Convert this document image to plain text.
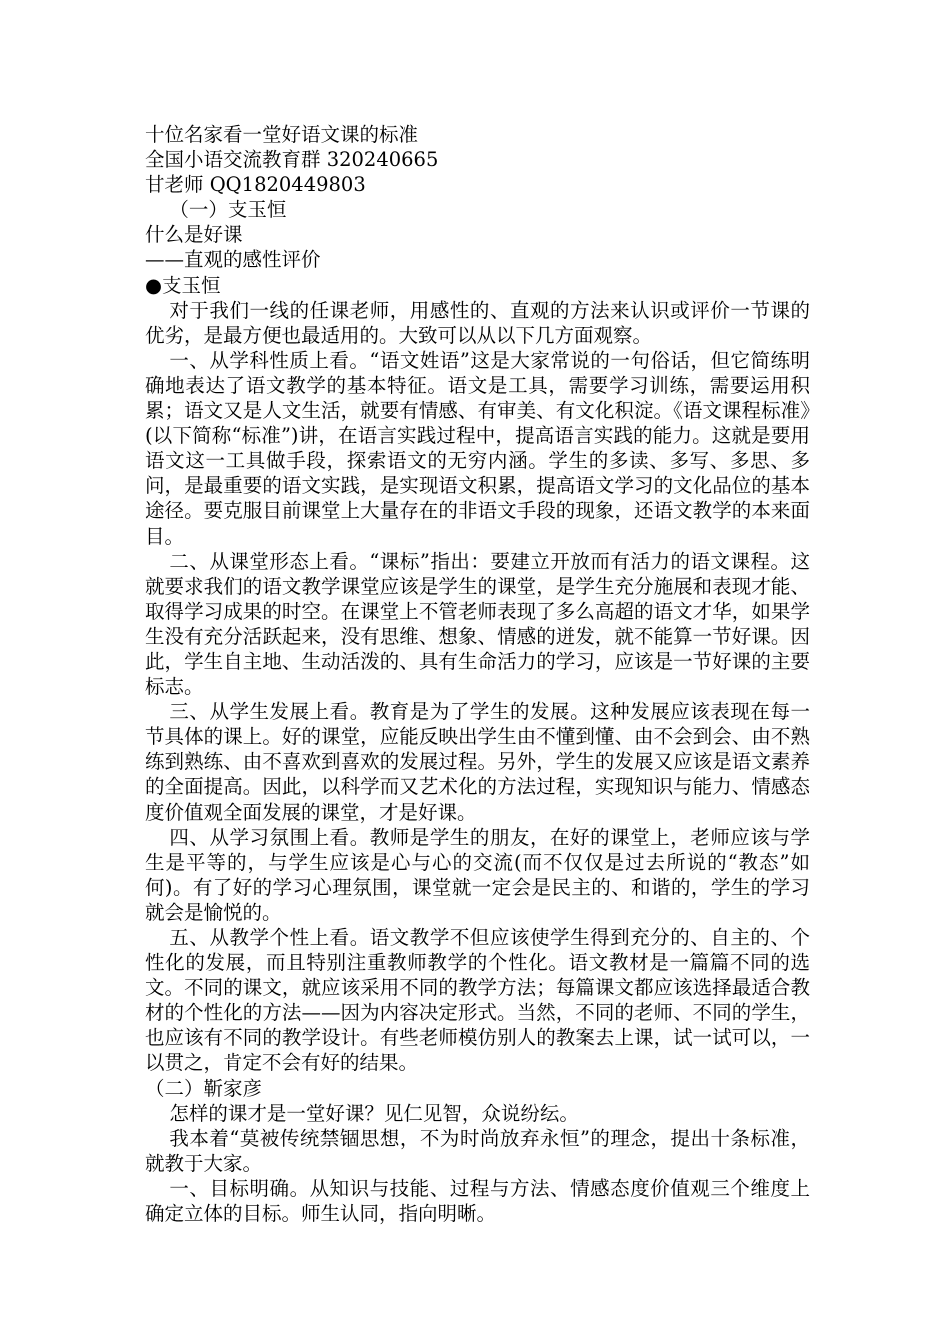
十位名家看一堂好语文课的标准

全国小语交流教育群 320240665

甘老师 QQ1820449803

（一）支玉恒

什么是好课

——直观的感性评价

●支玉恒

对于我们一线的任课老师，用感性的、直观的方法来认识或评价一节课的优劣，是最方便也最适用的。大致可以从以下几方面观察。

一、从学科性质上看。“语文姓语”这是大家常说的一句俗话，但它简练明确地表达了语文教学的基本特征。语文是工具，需要学习训练，需要运用积累；语文又是人文生活，就要有情感、有审美、有文化积淀。《语文课程标准》(以下简称“标准”)讲，在语言实践过程中，提高语言实践的能力。这就是要用语文这一工具做手段，探索语文的无穷内涵。学生的多读、多写、多思、多问，是最重要的语文实践，是实现语文积累，提高语文学习的文化品位的基本途径。要克服目前课堂上大量存在的非语文手段的现象，还语文教学的本来面目。

二、从课堂形态上看。“课标”指出：要建立开放而有活力的语文课程。这就要求我们的语文教学课堂应该是学生的课堂，是学生充分施展和表现才能、取得学习成果的时空。在课堂上不管老师表现了多么高超的语文才华，如果学生没有充分活跃起来，没有思维、想象、情感的迸发，就不能算一节好课。因此，学生自主地、生动活泼的、具有生命活力的学习，应该是一节好课的主要标志。

三、从学生发展上看。教育是为了学生的发展。这种发展应该表现在每一节具体的课上。好的课堂，应能反映出学生由不懂到懂、由不会到会、由不熟练到熟练、由不喜欢到喜欢的发展过程。另外，学生的发展又应该是语文素养的全面提高。因此，以科学而又艺术化的方法过程，实现知识与能力、情感态度价值观全面发展的课堂，才是好课。

四、从学习氛围上看。教师是学生的朋友，在好的课堂上，老师应该与学生是平等的，与学生应该是心与心的交流(而不仅仅是过去所说的“教态”如何)。有了好的学习心理氛围，课堂就一定会是民主的、和谐的，学生的学习就会是愉悦的。

五、从教学个性上看。语文教学不但应该使学生得到充分的、自主的、个性化的发展，而且特别注重教师教学的个性化。语文教材是一篇篇不同的选文。不同的课文，就应该采用不同的教学方法；每篇课文都应该选择最适合教材的个性化的方法——因为内容决定形式。当然，不同的老师、不同的学生，也应该有不同的教学设计。有些老师模仿别人的教案去上课，试一试可以，一以贯之，肯定不会有好的结果。

（二）靳家彦

怎样的课才是一堂好课？见仁见智，众说纷纭。

我本着“莫被传统禁锢思想，不为时尚放弃永恒”的理念，提出十条标准，就教于大家。

一、目标明确。从知识与技能、过程与方法、情感态度价值观三个维度上确定立体的目标。师生认同，指向明晰。
